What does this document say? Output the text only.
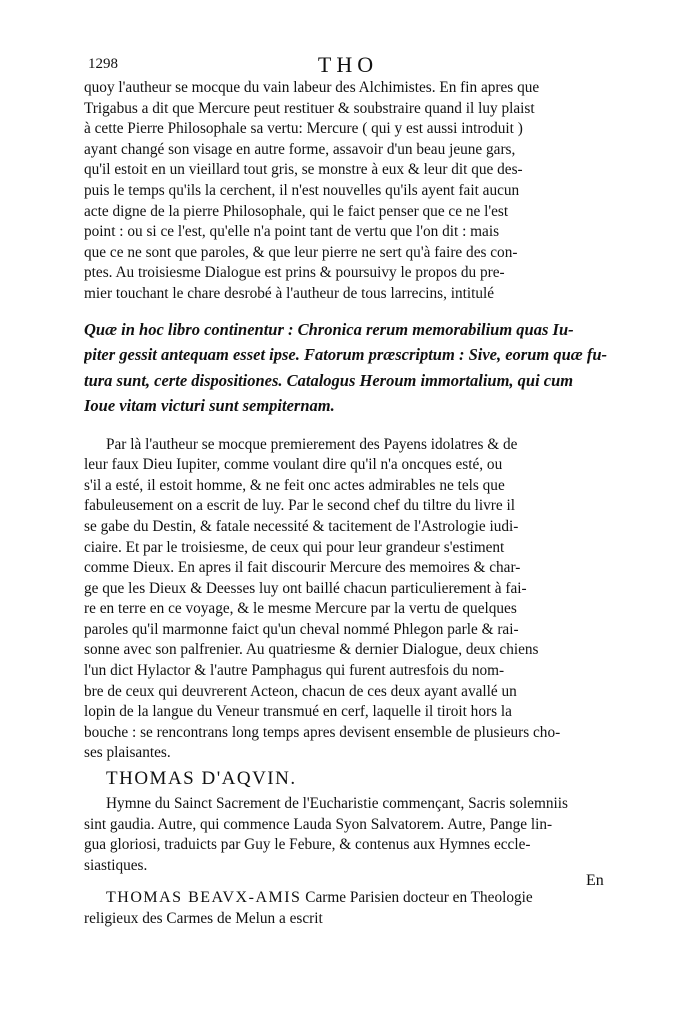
1298	THO
quoy l'autheur se mocque du vain labeur des Alchimistes. En fin apres que
Trigabus a dit que Mercure peut restituer & soubstraire quand il luy plaist
à cette Pierre Philosophale sa vertu: Mercure ( qui y est aussi introduit )
ayant changé son visage en autre forme, assavoir d'un beau jeune gars,
qu'il estoit en un vieillard tout gris, se monstre à eux & leur dit que des-
puis le temps qu'ils la cerchent, il n'est nouvelles qu'ils ayent fait aucun
acte digne de la pierre Philosophale, qui le faict penser que ce ne l'est
point : ou si ce l'est, qu'elle n'a point tant de vertu que l'on dit : mais
que ce ne sont que paroles, & que leur pierre ne sert qu'à faire des con-
ptes. Au troisiesme Dialogue est prins & poursuivy le propos du pre-
mier touchant le chare desrobé à l'autheur de tous larrecins, intitulé
Quæ in hoc libro continentur : Chronica rerum memorabilium quas Iu-
piter gessit antequam esset ipse. Fatorum præscriptum : Sive, eorum quæ fu-
tura sunt, certe dispositiones. Catalogus Heroum immortalium, qui cum
Ioue vitam victuri sunt sempiternam.
Par là l'autheur se mocque premierement des Payens idolatres & de
leur faux Dieu Iupiter, comme voulant dire qu'il n'a oncques esté, ou
s'il a esté, il estoit homme, & ne feit onc actes admirables ne tels que
fabuleusement on a escrit de luy. Par le second chef du tiltre du livre il
se gabe du Destin, & fatale necessité & tacitement de l'Astrologie iudi-
ciaire. Et par le troisiesme, de ceux qui pour leur grandeur s'estiment
comme Dieux. En apres il fait discourir Mercure des memoires & char-
ge que les Dieux & Deesses luy ont baillé chacun particulierement à fai-
re en terre en ce voyage, & le mesme Mercure par la vertu de quelques
paroles qu'il marmonne faict qu'un cheval nommé Phlegon parle & rai-
sonne avec son palfrenier. Au quatriesme & dernier Dialogue, deux chiens
l'un dict Hylactor & l'autre Pamphagus qui furent autresfois du nom-
bre de ceux qui deuvrerent Acteon, chacun de ces deux ayant avallé un
lopin de la langue du Veneur transmué en cerf, laquelle il tiroit hors la
bouche : se rencontrans long temps apres devisent ensemble de plusieurs cho-
ses plaisantes.
THOMAS D'AQVIN.
Hymne du Sainct Sacrement de l'Eucharistie commençant, Sacris solemniis
sint gaudia. Autre, qui commence Lauda Syon Salvatorem. Autre, Pange lin-
gua gloriosi, traduicts par Guy le Febure, & contenus aux Hymnes eccle-
siastiques.
THOMAS BEAVX-AMIS Carme Parisien docteur en Theologie
religieux des Carmes de Melun a escrit
En
